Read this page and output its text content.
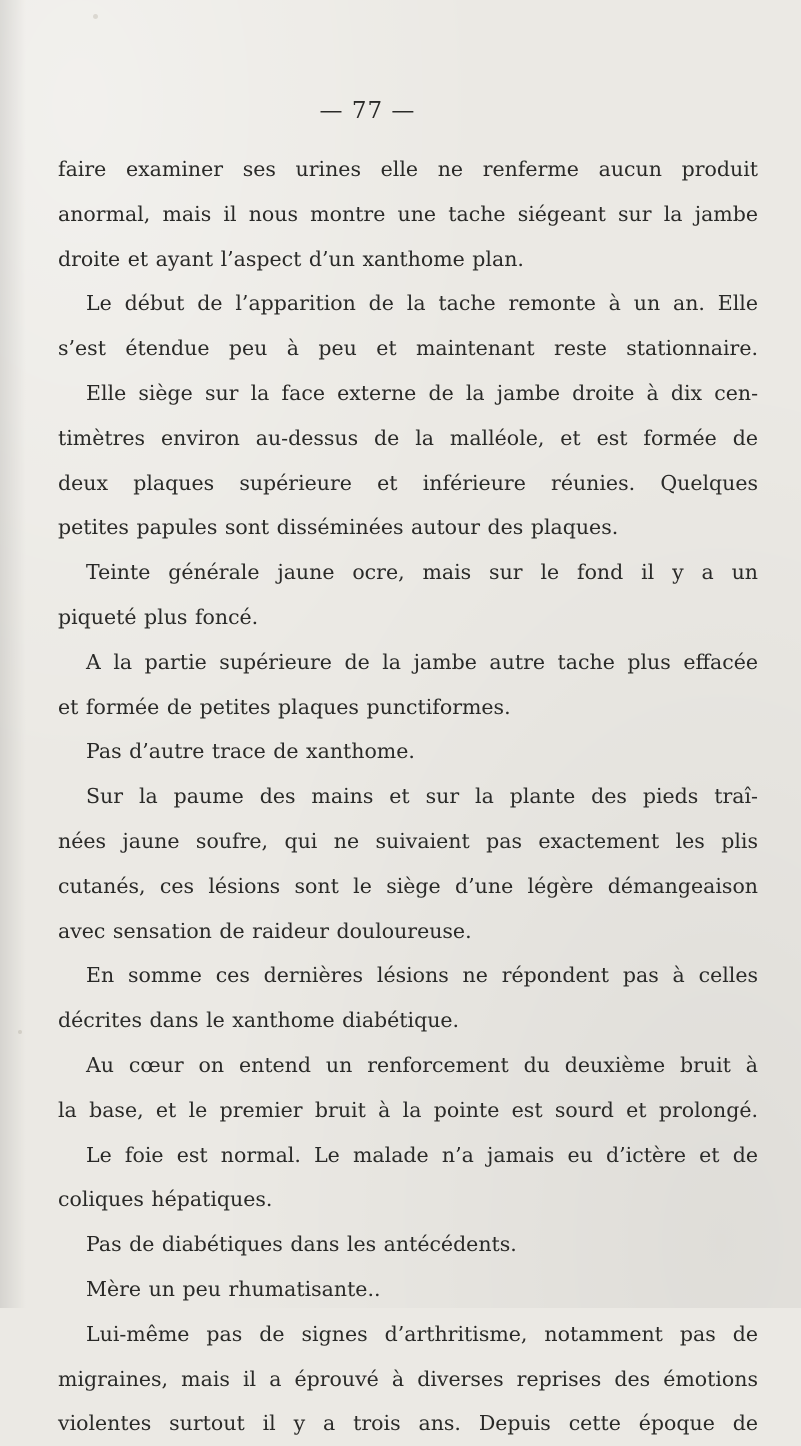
— 77 —
faire examiner ses urines elle ne renferme aucun produit
anormal, mais il nous montre une tache siégeant sur la jambe
droite et ayant l’aspect d’un xanthome plan.
Le début de l’apparition de la tache remonte à un an. Elle
s’est étendue peu à peu et maintenant reste stationnaire.
Elle siège sur la face externe de la jambe droite à dix cen-
timètres environ au-dessus de la malléole, et est formée de
deux plaques supérieure et inférieure réunies. Quelques
petites papules sont disséminées autour des plaques.
Teinte générale jaune ocre, mais sur le fond il y a un
piqueté plus foncé.
A la partie supérieure de la jambe autre tache plus effacée
et formée de petites plaques punctiformes.
Pas d’autre trace de xanthome.
Sur la paume des mains et sur la plante des pieds traî-
nées jaune soufre, qui ne suivaient pas exactement les plis
cutanés, ces lésions sont le siège d’une légère démangeaison
avec sensation de raideur douloureuse.
En somme ces dernières lésions ne répondent pas à celles
décrites dans le xanthome diabétique.
Au cœur on entend un renforcement du deuxième bruit à
la base, et le premier bruit à la pointe est sourd et prolongé.
Le foie est normal. Le malade n’a jamais eu d’ictère et de
coliques hépatiques.
Pas de diabétiques dans les antécédents.
Mère un peu rhumatisante..
Lui-même pas de signes d’arthritisme, notamment pas de
migraines, mais il a éprouvé à diverses reprises des émotions
violentes surtout il y a trois ans. Depuis cette époque de
